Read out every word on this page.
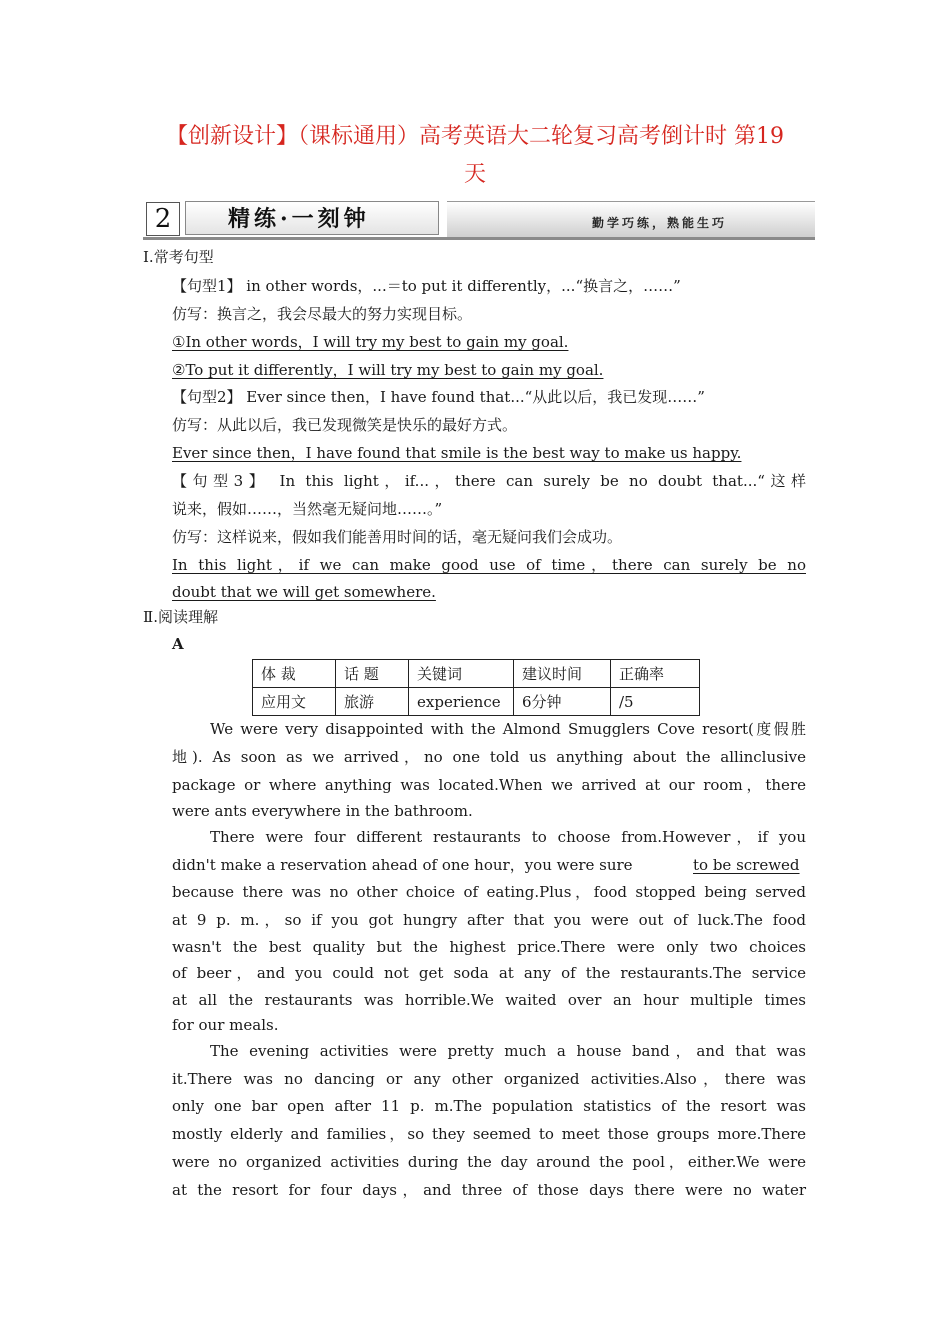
【创新设计】（课标通用）高考英语大二轮复习高考倒计时 第19
天
2	精练·一刻钟	勤学巧练，熟能生巧
Ⅰ.常考句型
【句型1】 in other words，...＝to put it differently，...“换言之，……”
仿写：换言之，我会尽最大的努力实现目标。
①In other words，I will try my best to gain my goal.
②To put it differently，I will try my best to gain my goal.
【句型2】 Ever since then，I have found that...“从此以后，我已发现……”
仿写：从此以后，我已发现微笑是快乐的最好方式。
Ever since then，I have found that smile is the best way to make us happy.
【句型3】 In this light，if...，there can surely be no doubt that...“这样
说来，假如……，当然毫无疑问地……。”
仿写：这样说来，假如我们能善用时间的话，毫无疑问我们会成功。
In this light，if we can make good use of time，there can surely be no
doubt that we will get somewhere.
Ⅱ.阅读理解
A
体 裁	话 题	关键词	建议时间	正确率
应用文	旅游	experience	6分钟	/5
We were very disappointed with the Almond Smugglers Cove resort(度假胜
地). As soon as we arrived，no one told us anything about the allinclusive
package or where anything was located.When we arrived at our room，there
were ants everywhere in the bathroom.
There were four different restaurants to choose from.However，if you
didn't make a reservation ahead of one hour，you were sure	to be screwed
because there was no other choice of eating.Plus，food stopped being served
at 9 p. m.，so if you got hungry after that you were out of luck.The food
wasn't the best quality but the highest price.There were only two choices
of beer，and you could not get soda at any of the restaurants.The service
at all the restaurants was horrible.We waited over an hour multiple times
for our meals.
The evening activities were pretty much a house band，and that was
it.There was no dancing or any other organized activities.Also，there was
only one bar open after 11 p. m.The population statistics of the resort was
mostly elderly and families，so they seemed to meet those groups more.There
were no organized activities during the day around the pool，either.We were
at the resort for four days，and three of those days there were no water
